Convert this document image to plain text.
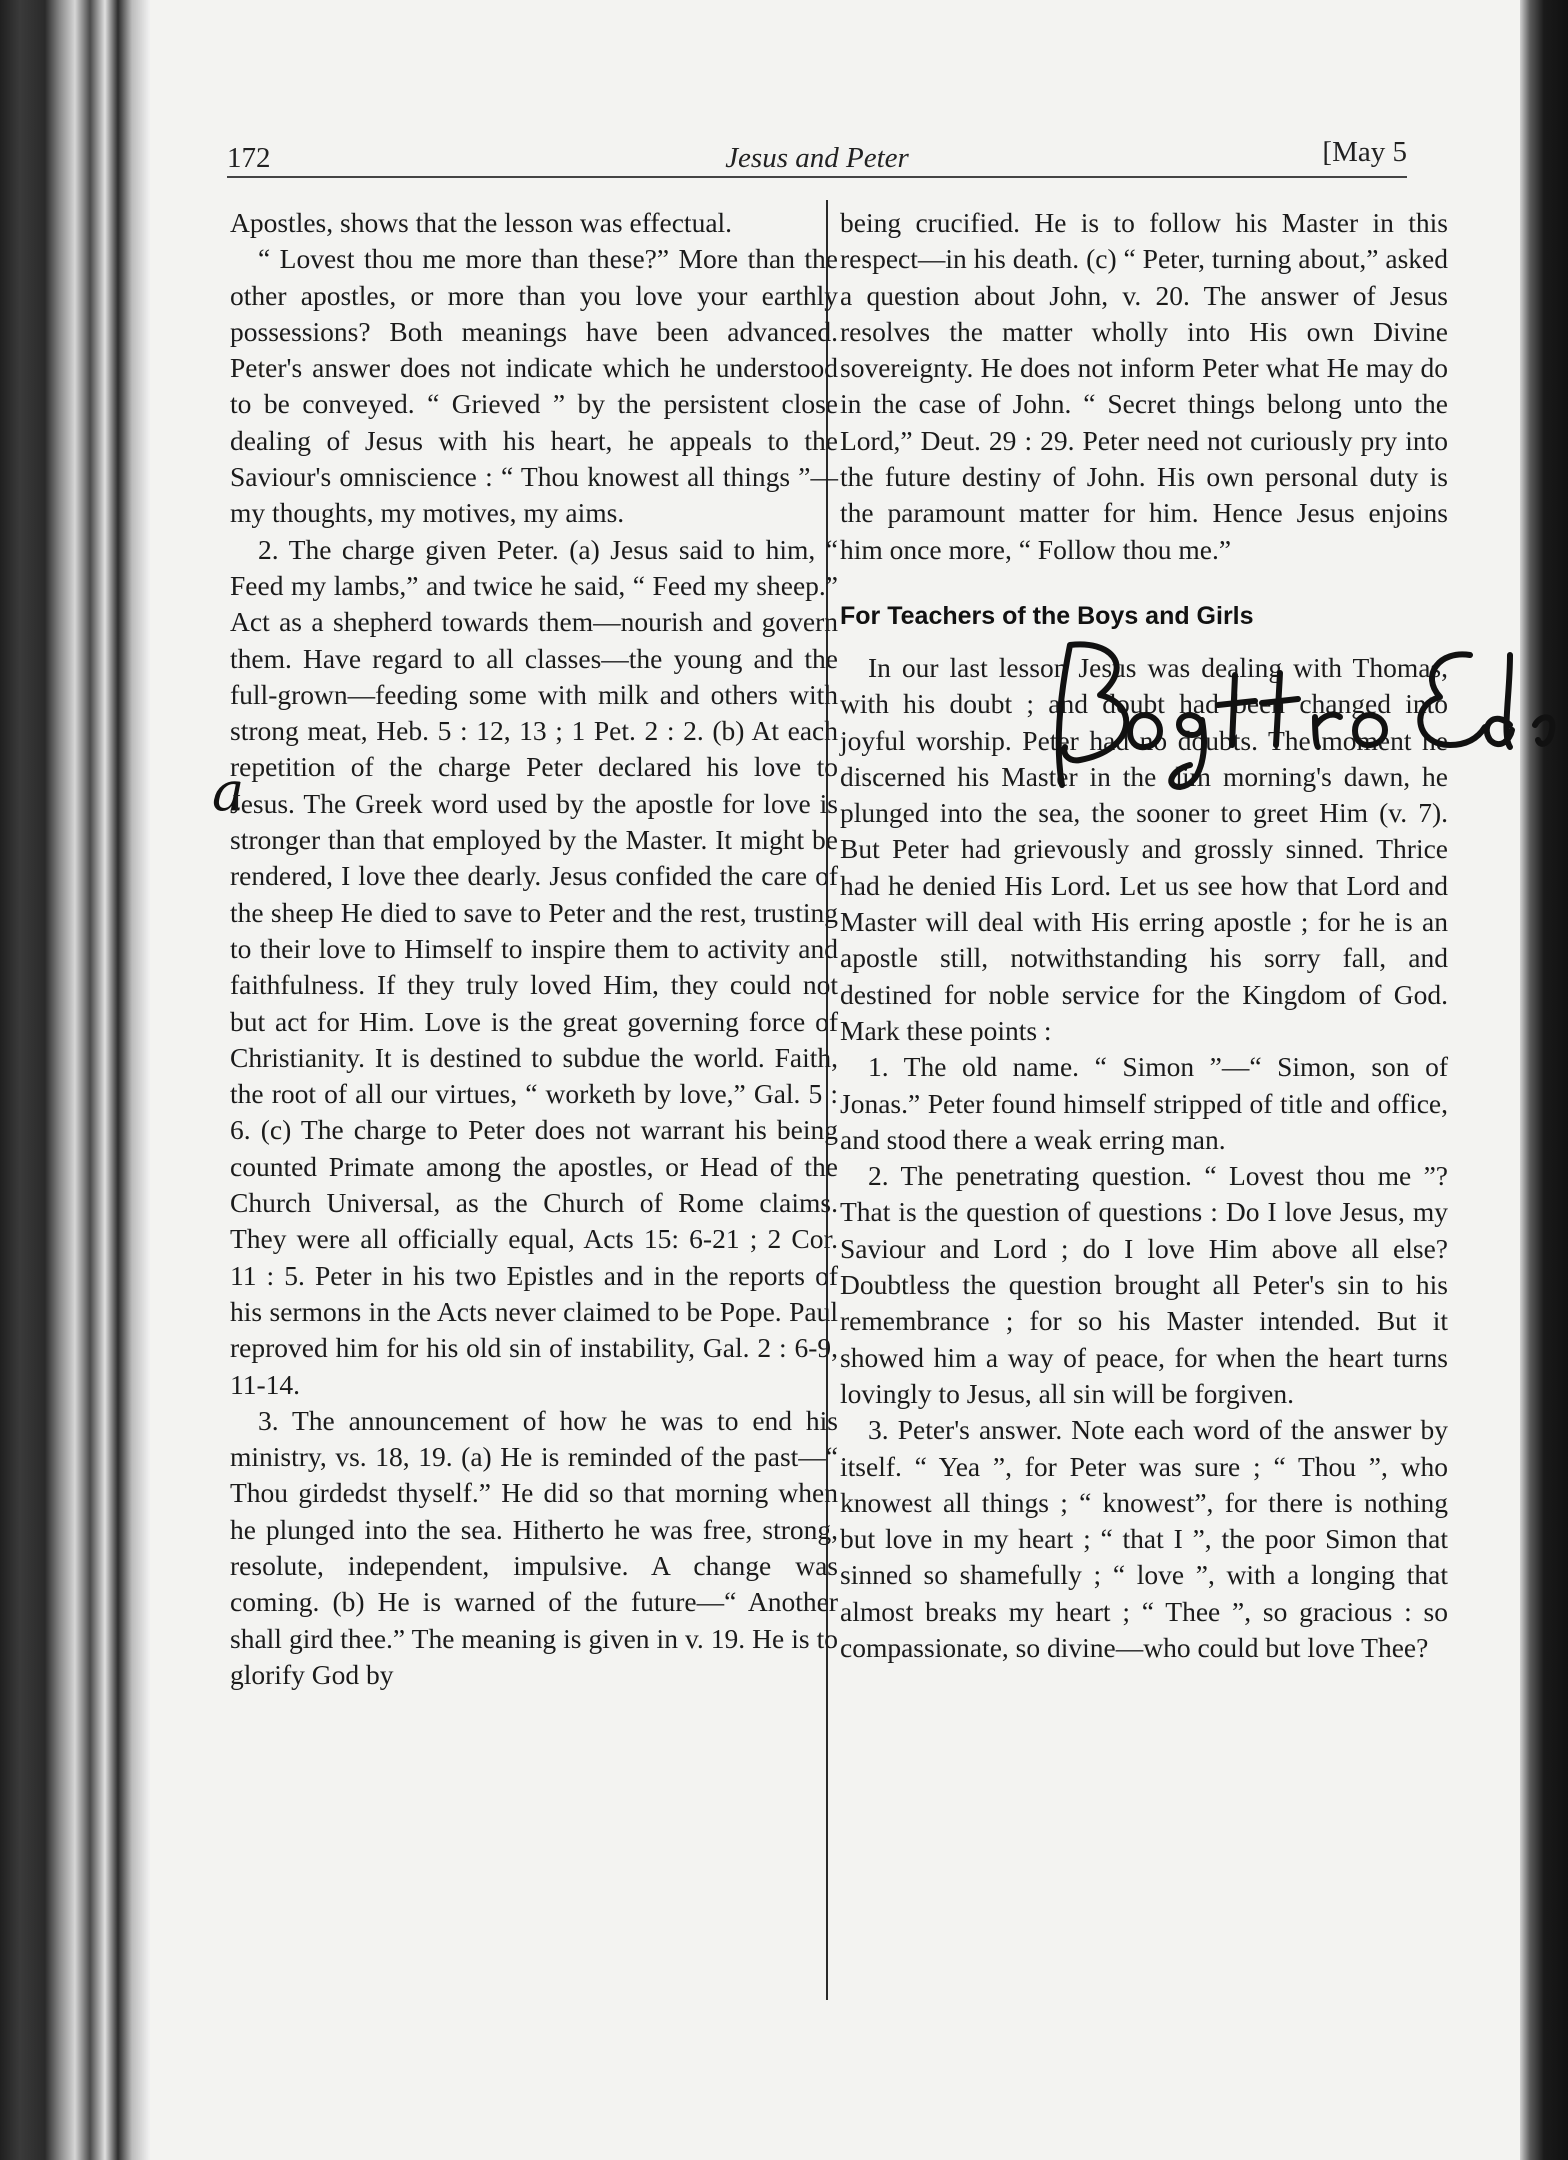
a
172	Jesus and Peter	[May 5

Apostles, shows that the lesson was effectual.

“ Lovest thou me more than these?” More than the other apostles, or more than you love your earthly possessions? Both meanings have been advanced. Peter's answer does not indicate which he understood to be conveyed. “ Grieved ” by the persistent close dealing of Jesus with his heart, he appeals to the Saviour's omniscience : “ Thou knowest all things ”—my thoughts, my motives, my aims.

2. The charge given Peter. (a) Jesus said to him, “ Feed my lambs,” and twice he said, “ Feed my sheep.” Act as a shepherd towards them—nourish and govern them. Have regard to all classes—the young and the full-grown—feeding some with milk and others with strong meat, Heb. 5 : 12, 13 ; 1 Pet. 2 : 2. (b) At each repetition of the charge Peter declared his love to Jesus. The Greek word used by the apostle for love is stronger than that employed by the Master. It might be rendered, I love thee dearly. Jesus confided the care of the sheep He died to save to Peter and the rest, trusting to their love to Himself to inspire them to activity and faithfulness. If they truly loved Him, they could not but act for Him. Love is the great governing force of Christianity. It is destined to subdue the world. Faith, the root of all our virtues, “ worketh by love,” Gal. 5 : 6. (c) The charge to Peter does not warrant his being counted Primate among the apostles, or Head of the Church Universal, as the Church of Rome claims. They were all officially equal, Acts 15: 6-21 ; 2 Cor. 11 : 5. Peter in his two Epistles and in the reports of his sermons in the Acts never claimed to be Pope. Paul reproved him for his old sin of instability, Gal. 2 : 6-9, 11-14.

3. The announcement of how he was to end his ministry, vs. 18, 19. (a) He is reminded of the past—“ Thou girdedst thyself.” He did so that morning when he plunged into the sea. Hitherto he was free, strong, resolute, independent, impulsive. A change was coming. (b) He is warned of the future—“ Another shall gird thee.” The meaning is given in v. 19. He is to glorify God by

being crucified. He is to follow his Master in this respect—in his death. (c) “ Peter, turning about,” asked a question about John, v. 20. The answer of Jesus resolves the matter wholly into His own Divine sovereignty. He does not inform Peter what He may do in the case of John. “ Secret things belong unto the Lord,” Deut. 29 : 29. Peter need not curiously pry into the future destiny of John. His own personal duty is the paramount matter for him. Hence Jesus enjoins him once more, “ Follow thou me.”

For Teachers of the Boys and Girls

In our last lesson Jesus was dealing with Thomas, with his doubt ; and doubt had been changed into joyful worship. Peter had no doubts. The moment he discerned his Master in the dim morning's dawn, he plunged into the sea, the sooner to greet Him (v. 7). But Peter had grievously and grossly sinned. Thrice had he denied His Lord. Let us see how that Lord and Master will deal with His erring apostle ; for he is an apostle still, notwithstanding his sorry fall, and destined for noble service for the Kingdom of God. Mark these points :

1. The old name. “ Simon ”—“ Simon, son of Jonas.” Peter found himself stripped of title and office, and stood there a weak erring man.

2. The penetrating question. “ Lovest thou me ”? That is the question of questions : Do I love Jesus, my Saviour and Lord ; do I love Him above all else? Doubtless the question brought all Peter's sin to his remembrance ; for so his Master intended. But it showed him a way of peace, for when the heart turns lovingly to Jesus, all sin will be forgiven.

3. Peter's answer. Note each word of the answer by itself. “ Yea ”, for Peter was sure ; “ Thou ”, who knowest all things ; “ knowest”, for there is nothing but love in my heart ; “ that I ”, the poor Simon that sinned so shamefully ; “ love ”, with a longing that almost breaks my heart ; “ Thee ”, so gracious : so compassionate, so divine—who could but love Thee?
